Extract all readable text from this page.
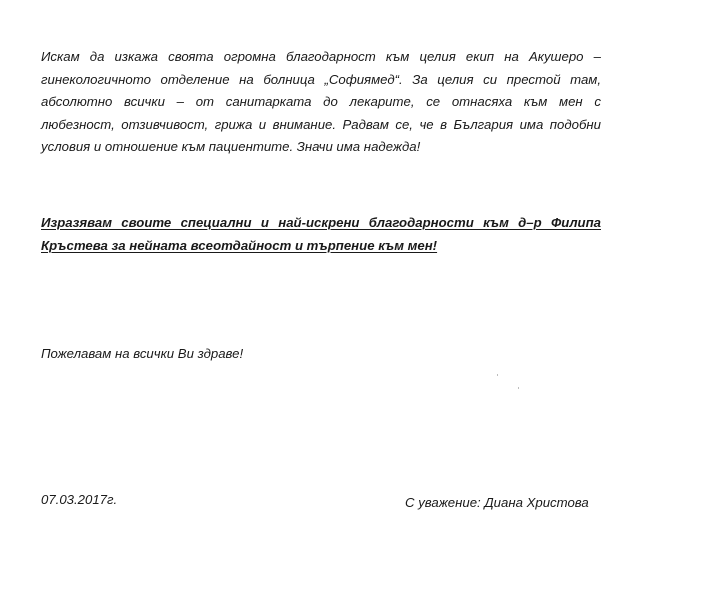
Искам да изкажа своята огромна благодарност към целия екип на Акушеро –
гинекологичното отделение на болница „Софиямед“. За целия си престой там,
абсолютно всички – от санитарката до лекарите, се отнасяха към мен с
любезност, отзивчивост, грижа и внимание. Радвам се, че в България има подобни
условия и отношение към пациентите. Значи има надежда!

Изразявам своите специални и най-искрени благодарности към д–р Филипа
Кръстева за нейната всеотдайност и търпение към мен!

Пожелавам на всички Ви здраве!

07.03.2017г.	С уважение: Диана Христова
